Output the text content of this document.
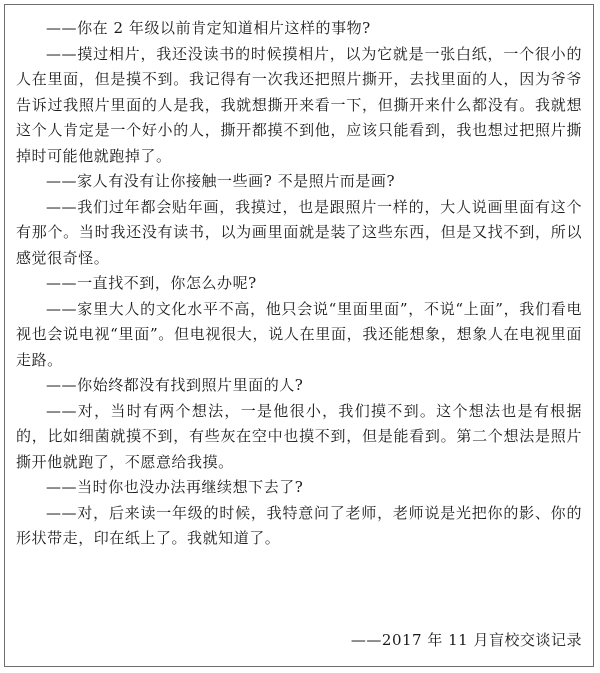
——你在 2 年级以前肯定知道相片这样的事物?

——摸过相片，我还没读书的时候摸相片，以为它就是一张白纸，一个很小的人在里面，但是摸不到。我记得有一次我还把照片撕开，去找里面的人，因为爷爷告诉过我照片里面的人是我，我就想撕开来看一下，但撕开来什么都没有。我就想这个人肯定是一个好小的人，撕开都摸不到他，应该只能看到，我也想过把照片撕掉时可能他就跑掉了。

——家人有没有让你接触一些画? 不是照片而是画?

——我们过年都会贴年画，我摸过，也是跟照片一样的，大人说画里面有这个有那个。当时我还没有读书，以为画里面就是装了这些东西，但是又找不到，所以感觉很奇怪。

——一直找不到，你怎么办呢?

——家里大人的文化水平不高，他只会说“里面里面”，不说“上面”，我们看电视也会说电视“里面”。但电视很大，说人在里面，我还能想象，想象人在电视里面走路。

——你始终都没有找到照片里面的人?

——对，当时有两个想法，一是他很小，我们摸不到。这个想法也是有根据的，比如细菌就摸不到，有些灰在空中也摸不到，但是能看到。第二个想法是照片撕开他就跑了，不愿意给我摸。

——当时你也没办法再继续想下去了?

——对，后来读一年级的时候，我特意问了老师，老师说是光把你的影、你的形状带走，印在纸上了。我就知道了。

——2017 年 11 月盲校交谈记录
